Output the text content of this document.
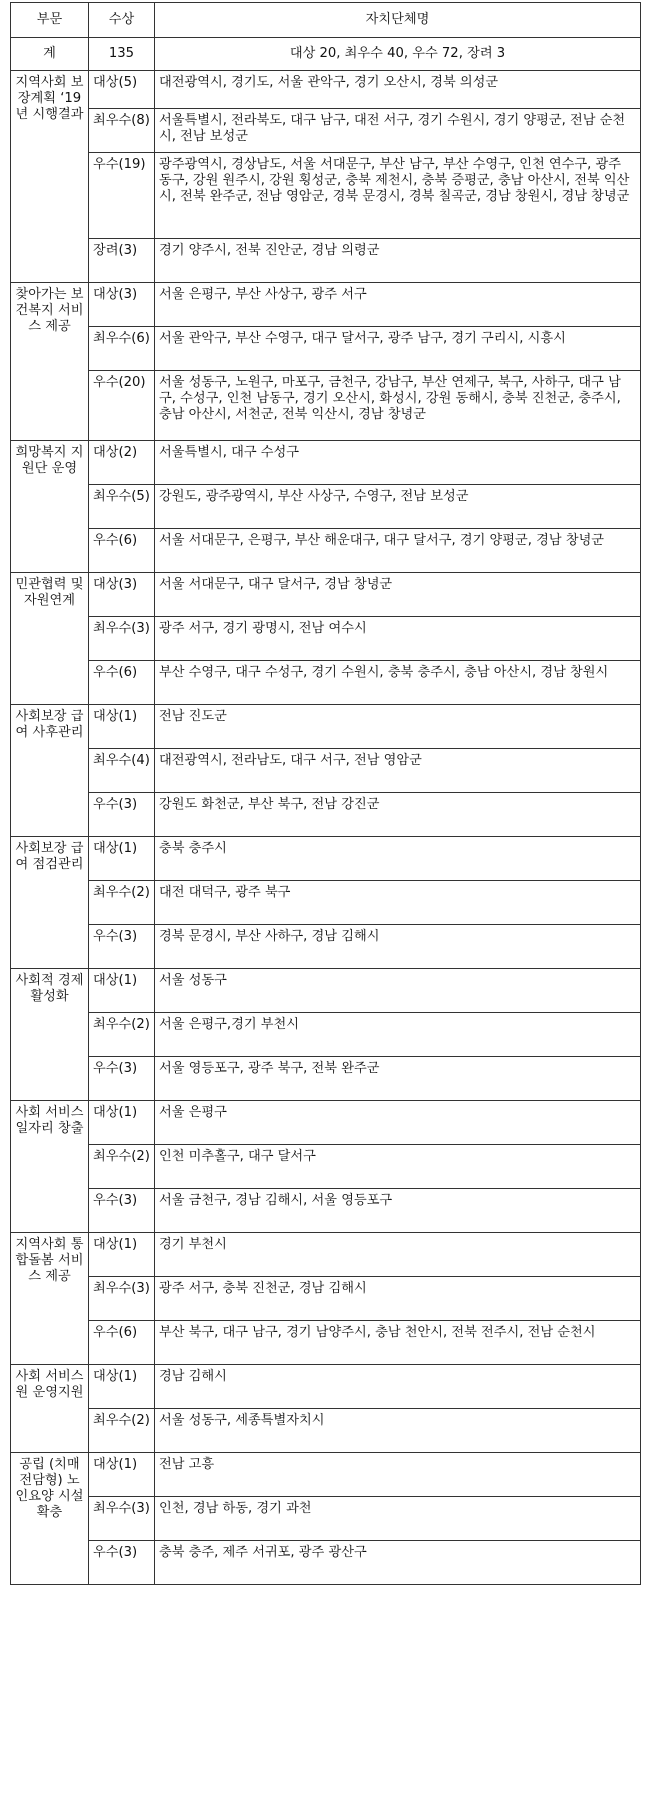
부문	수상	자치단체명
계	135	대상 20, 최우수 40, 우수 72, 장려 3
지역사회 보장계획 ‘19년 시행결과	대상(5)	대전광역시, 경기도, 서울 관악구, 경기 오산시, 경북 의성군
	최우수(8)	서울특별시, 전라북도, 대구 남구, 대전 서구, 경기 수원시, 경기 양평군, 전남 순천시, 전남 보성군
	우수(19)	광주광역시, 경상남도, 서울 서대문구, 부산 남구, 부산 수영구, 인천 연수구, 광주 동구, 강원 원주시, 강원 횡성군, 충북 제천시, 충북 증평군, 충남 아산시, 전북 익산시, 전북 완주군, 전남 영암군, 경북 문경시, 경북 칠곡군, 경남 창원시, 경남 창녕군
	장려(3)	경기 양주시, 전북 진안군, 경남 의령군
찾아가는 보건복지 서비스 제공	대상(3)	서울 은평구, 부산 사상구, 광주 서구
	최우수(6)	서울 관악구, 부산 수영구, 대구 달서구, 광주 남구, 경기 구리시, 시흥시
	우수(20)	서울 성동구, 노원구, 마포구, 금천구, 강남구, 부산 연제구, 북구, 사하구, 대구 남구, 수성구, 인천 남동구, 경기 오산시, 화성시, 강원 동해시, 충북 진천군, 충주시, 충남 아산시, 서천군, 전북 익산시, 경남 창녕군
희망복지 지원단 운영	대상(2)	서울특별시, 대구 수성구
	최우수(5)	강원도, 광주광역시, 부산 사상구, 수영구, 전남 보성군
	우수(6)	서울 서대문구, 은평구, 부산 해운대구, 대구 달서구, 경기 양평군, 경남 창녕군
민관협력 및 자원연계	대상(3)	서울 서대문구, 대구 달서구, 경남 창녕군
	최우수(3)	광주 서구, 경기 광명시, 전남 여수시
	우수(6)	부산 수영구, 대구 수성구, 경기 수원시, 충북 충주시, 충남 아산시, 경남 창원시
사회보장 급여 사후관리	대상(1)	전남 진도군
	최우수(4)	대전광역시, 전라남도, 대구 서구, 전남 영암군
	우수(3)	강원도 화천군, 부산 북구, 전남 강진군
사회보장 급여 점검관리	대상(1)	충북 충주시
	최우수(2)	대전 대덕구, 광주 북구
	우수(3)	경북 문경시, 부산 사하구, 경남 김해시
사회적 경제 활성화	대상(1)	서울 성동구
	최우수(2)	서울 은평구,경기 부천시
	우수(3)	서울 영등포구, 광주 북구, 전북 완주군
사회 서비스 일자리 창출	대상(1)	서울 은평구
	최우수(2)	인천 미추홀구, 대구 달서구
	우수(3)	서울 금천구, 경남 김해시, 서울 영등포구
지역사회 통합돌봄 서비스 제공	대상(1)	경기 부천시
	최우수(3)	광주 서구, 충북 진천군, 경남 김해시
	우수(6)	부산 북구, 대구 남구, 경기 남양주시, 충남 천안시, 전북 전주시, 전남 순천시
사회 서비스원 운영지원	대상(1)	경남 김해시
	최우수(2)	서울 성동구, 세종특별자치시
공립 (치매전담형) 노인요양 시설 확충	대상(1)	전남 고흥
	최우수(3)	인천, 경남 하동, 경기 과천
	우수(3)	충북 충주, 제주 서귀포, 광주 광산구
